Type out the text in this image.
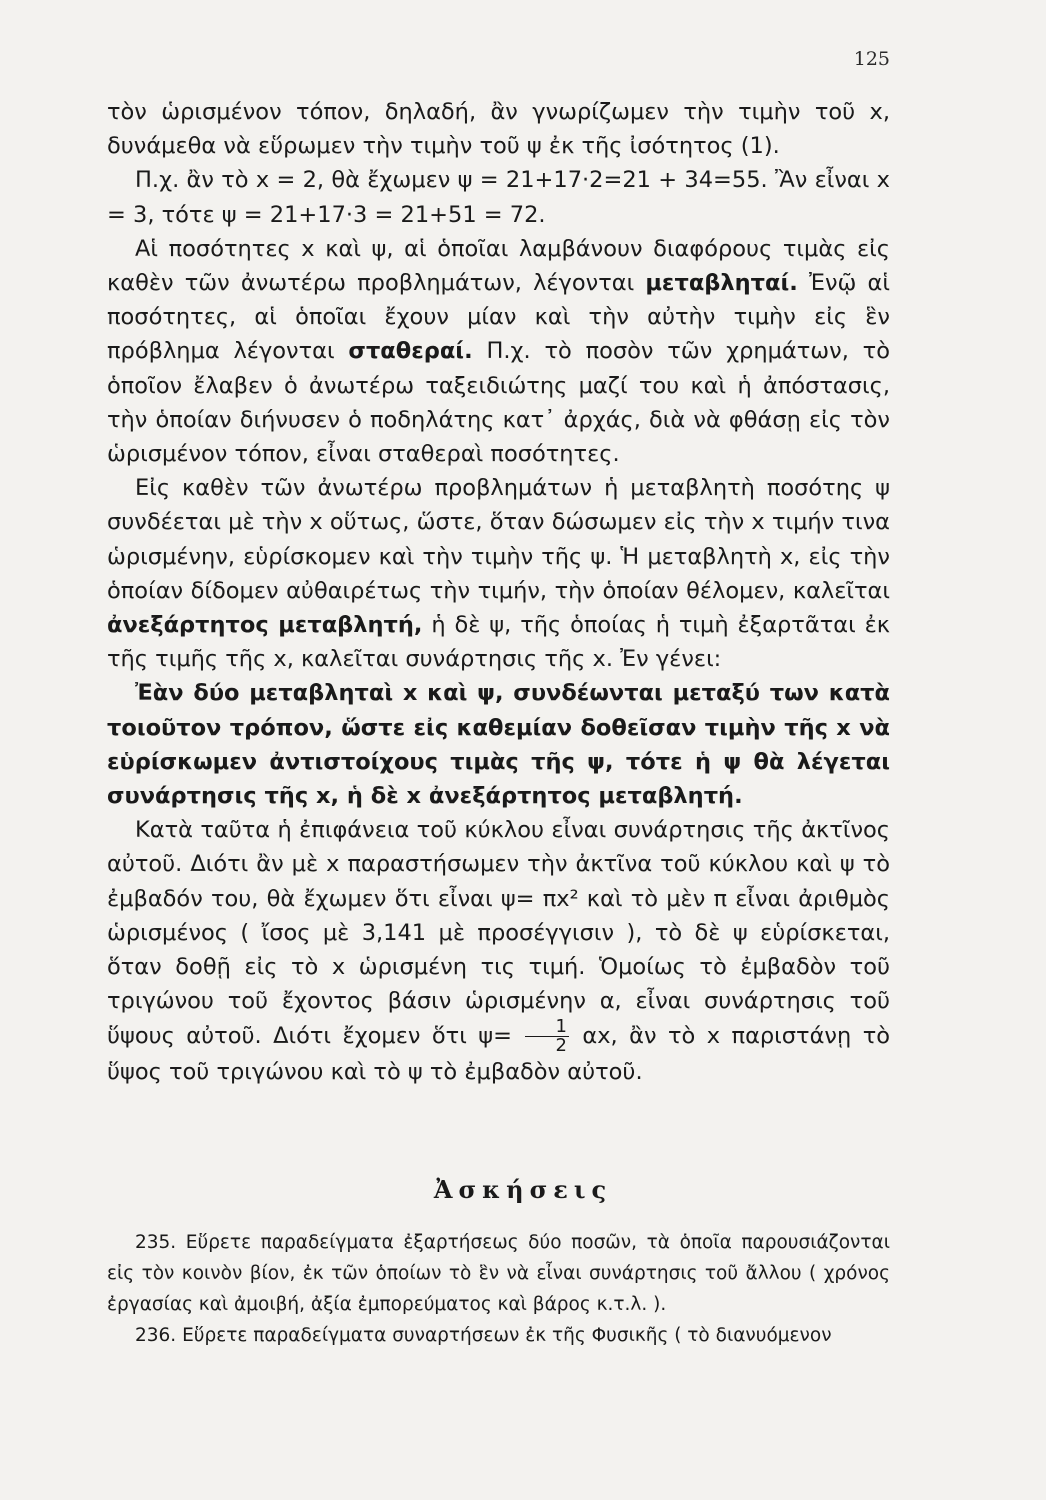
125

τὸν ὡρισμένον τόπον, δηλαδή, ἂν γνωρίζωμεν τὴν τιμὴν τοῦ x, δυνάμεθα νὰ εὕρωμεν τὴν τιμὴν τοῦ ψ ἐκ τῆς ἰσότητος (1).

Π.χ. ἂν τὸ x = 2, θὰ ἔχωμεν ψ = 21+17·2=21 + 34=55. Ἂν εἶναι x = 3, τότε ψ = 21+17·3 = 21+51 = 72.

Αἱ ποσότητες x καὶ ψ, αἱ ὁποῖαι λαμβάνουν διαφόρους τιμὰς εἰς καθὲν τῶν ἀνωτέρω προβλημάτων, λέγονται μεταβληταί. Ἐνῷ αἱ ποσότητες, αἱ ὁποῖαι ἔχουν μίαν καὶ τὴν αὐτὴν τιμὴν εἰς ἓν πρόβλημα λέγονται σταθεραί. Π.χ. τὸ ποσὸν τῶν χρημάτων, τὸ ὁποῖον ἔλαβεν ὁ ἀνωτέρω ταξειδιώτης μαζί του καὶ ἡ ἀπόστασις, τὴν ὁποίαν διήνυσεν ὁ ποδηλάτης κατ᾽ ἀρχάς, διὰ νὰ φθάσῃ εἰς τὸν ὡρισμένον τόπον, εἶναι σταθεραὶ ποσότητες.

Εἰς καθὲν τῶν ἀνωτέρω προβλημάτων ἡ μεταβλητὴ ποσότης ψ συνδέεται μὲ τὴν x οὕτως, ὥστε, ὅταν δώσωμεν εἰς τὴν x τιμήν τινα ὡρισμένην, εὑρίσκομεν καὶ τὴν τιμὴν τῆς ψ. Ἡ μεταβλητὴ x, εἰς τὴν ὁποίαν δίδομεν αὐθαιρέτως τὴν τιμήν, τὴν ὁποίαν θέλομεν, καλεῖται ἀνεξάρτητος μεταβλητή, ἡ δὲ ψ, τῆς ὁποίας ἡ τιμὴ ἐξαρτᾶται ἐκ τῆς τιμῆς τῆς x, καλεῖται συνάρτησις τῆς x. Ἐν γένει:

Ἐὰν δύο μεταβληταὶ x καὶ ψ, συνδέωνται μεταξύ των κατὰ τοιοῦτον τρόπον, ὥστε εἰς καθεμίαν δοθεῖσαν τιμὴν τῆς x νὰ εὑρίσκωμεν ἀντιστοίχους τιμὰς τῆς ψ, τότε ἡ ψ θὰ λέγεται συνάρτησις τῆς x, ἡ δὲ x ἀνεξάρτητος μεταβλητή.

Κατὰ ταῦτα ἡ ἐπιφάνεια τοῦ κύκλου εἶναι συνάρτησις τῆς ἀκτῖνος αὐτοῦ. Διότι ἂν μὲ x παραστήσωμεν τὴν ἀκτῖνα τοῦ κύκλου καὶ ψ τὸ ἐμβαδόν του, θὰ ἔχωμεν ὅτι εἶναι ψ= πx² καὶ τὸ μὲν π εἶναι ἀριθμὸς ὡρισμένος ( ἴσος μὲ 3,141 μὲ προσέγγισιν ), τὸ δὲ ψ εὑρίσκεται, ὅταν δοθῇ εἰς τὸ x ὡρισμένη τις τιμή. Ὁμοίως τὸ ἐμβαδὸν τοῦ τριγώνου τοῦ ἔχοντος βάσιν ὡρισμένην α, εἶναι συνάρτησις τοῦ ὕψους αὐτοῦ. Διότι ἔχομεν ὅτι $\psi= \frac{1}{2} \alpha x$, ἂν τὸ x παριστάνῃ τὸ ὕψος τοῦ τριγώνου καὶ τὸ ψ τὸ ἐμβαδὸν αὐτοῦ.

Ἀσκήσεις

235. Εὕρετε παραδείγματα ἐξαρτήσεως δύο ποσῶν, τὰ ὁποῖα παρουσιάζονται εἰς τὸν κοινὸν βίον, ἐκ τῶν ὁποίων τὸ ἓν νὰ εἶναι συνάρτησις τοῦ ἄλλου ( χρόνος ἐργασίας καὶ ἀμοιβή, ἀξία ἐμπορεύματος καὶ βάρος κ.τ.λ. ).

236. Εὕρετε παραδείγματα συναρτήσεων ἐκ τῆς Φυσικῆς ( τὸ διανυόμενον
